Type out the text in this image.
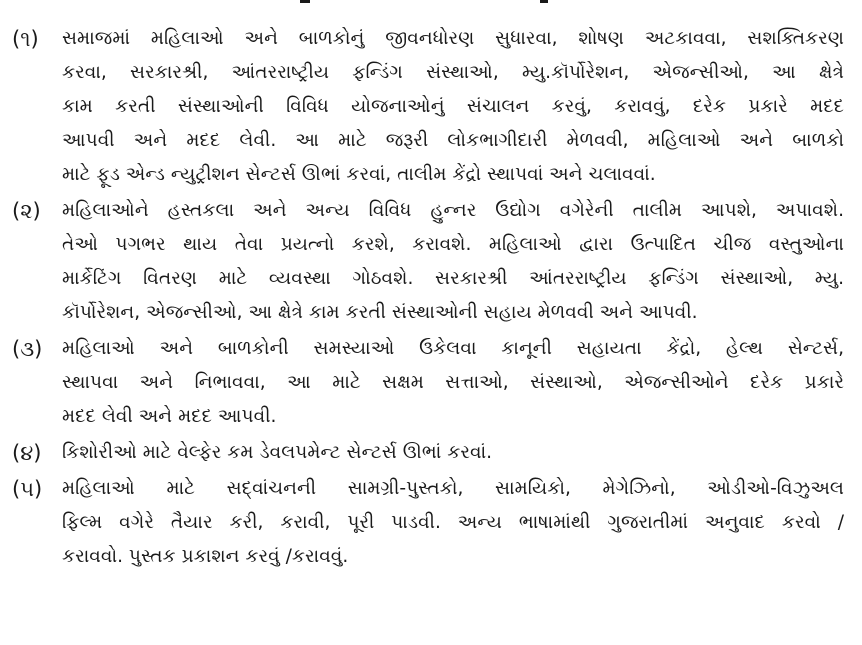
(૧)	સમાજમાં મહિલાઓ અને બાળકોનું જીવનધોરણ સુધારવા, શોષણ અટકાવવા, સશક્તિકરણ
કરવા, સરકારશ્રી, આંતરરાષ્ટ્રીય ફન્ડિંગ સંસ્થાઓ, મ્યુ.કૉર્પોરેશન, એજન્સીઓ, આ ક્ષેત્રે
કામ કરતી સંસ્થાઓની વિવિધ યોજનાઓનું સંચાલન કરવું, કરાવવું, દરેક પ્રકારે મદદ
આપવી અને મદદ લેવી. આ માટે જરૂરી લોકભાગીદારી મેળવવી, મહિલાઓ અને બાળકો
માટે ફૂડ એન્ડ ન્યુટ્રીશન સેન્ટર્સ ઊભાં કરવાં, તાલીમ કેંદ્રો સ્થાપવાં અને ચલાવવાં.
(૨)	મહિલાઓને હસ્તકલા અને અન્ય વિવિધ હુન્નર ઉદ્યોગ વગેરેની તાલીમ આપશે, અપાવશે.
તેઓ પગભર થાય તેવા પ્રયત્નો કરશે, કરાવશે. મહિલાઓ દ્વારા ઉત્પાદિત ચીજ વસ્તુઓના
માર્કેટિંગ વિતરણ માટે વ્યવસ્થા ગોઠવશે. સરકારશ્રી આંતરરાષ્ટ્રીય ફન્ડિંગ સંસ્થાઓ, મ્યુ.
કૉર્પોરેશન, એજન્સીઓ, આ ક્ષેત્રે કામ કરતી સંસ્થાઓની સહાય મેળવવી અને આપવી.
(૩)	મહિલાઓ અને બાળકોની સમસ્યાઓ ઉકેલવા કાનૂની સહાયતા કેંદ્રો, હેલ્થ સેન્ટર્સ,
સ્થાપવા અને નિભાવવા, આ માટે સક્ષમ સત્તાઓ, સંસ્થાઓ, એજન્સીઓને દરેક પ્રકારે
મદદ લેવી અને મદદ આપવી.
(૪)	કિશોરીઓ માટે વેલ્ફેર કમ ડેવલપમેન્ટ સેન્ટર્સ ઊભાં કરવાં.
(૫)	મહિલાઓ માટે સદ્‌વાંચનની સામગ્રી-પુસ્તકો, સામયિકો, મેગેઝિનો, ઓડીઓ-વિઝુઅલ
ફિલ્મ વગેરે તૈયાર કરી, કરાવી, પૂરી પાડવી. અન્ય ભાષામાંથી ગુજરાતીમાં અનુવાદ કરવો /
કરાવવો. પુસ્તક પ્રકાશન કરવું /કરાવવું.
